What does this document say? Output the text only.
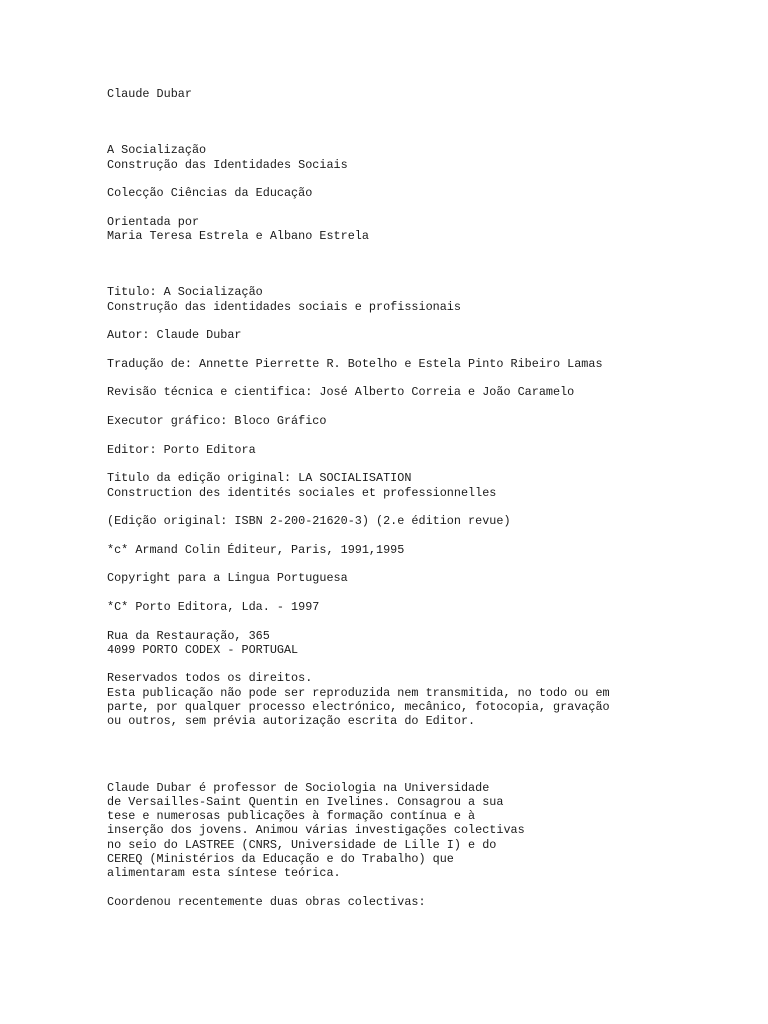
Claude Dubar
A Socialização
Construção das Identidades Sociais
Colecção Ciências da Educação
Orientada por
Maria Teresa Estrela e Albano Estrela
Titulo: A Socialização
Construção das identidades sociais e profissionais
Autor: Claude Dubar
Tradução de: Annette Pierrette R. Botelho e Estela Pinto Ribeiro Lamas
Revisão técnica e cientifica: José Alberto Correia e João Caramelo
Executor gráfico: Bloco Gráfico
Editor: Porto Editora
Titulo da edição original: LA SOCIALISATION
Construction des identités sociales et professionnelles
(Edição original: ISBN 2-200-21620-3) (2.e édition revue)
*c* Armand Colin Éditeur, Paris, 1991,1995
Copyright para a Lingua Portuguesa
*C* Porto Editora, Lda. - 1997
Rua da Restauração, 365
4099 PORTO CODEX - PORTUGAL
Reservados todos os direitos.
Esta publicação não pode ser reproduzida nem transmitida, no todo ou em
parte, por qualquer processo electrónico, mecânico, fotocopia, gravação
ou outros, sem prévia autorização escrita do Editor.
Claude Dubar é professor de Sociologia na Universidade
de Versailles-Saint Quentin en Ivelines. Consagrou a sua
tese e numerosas publicações à formação contínua e à
inserção dos jovens. Animou várias investigações colectivas
no seio do LASTREE (CNRS, Universidade de Lille I) e do
CEREQ (Ministérios da Educação e do Trabalho) que
alimentaram esta síntese teórica.
Coordenou recentemente duas obras colectivas:
